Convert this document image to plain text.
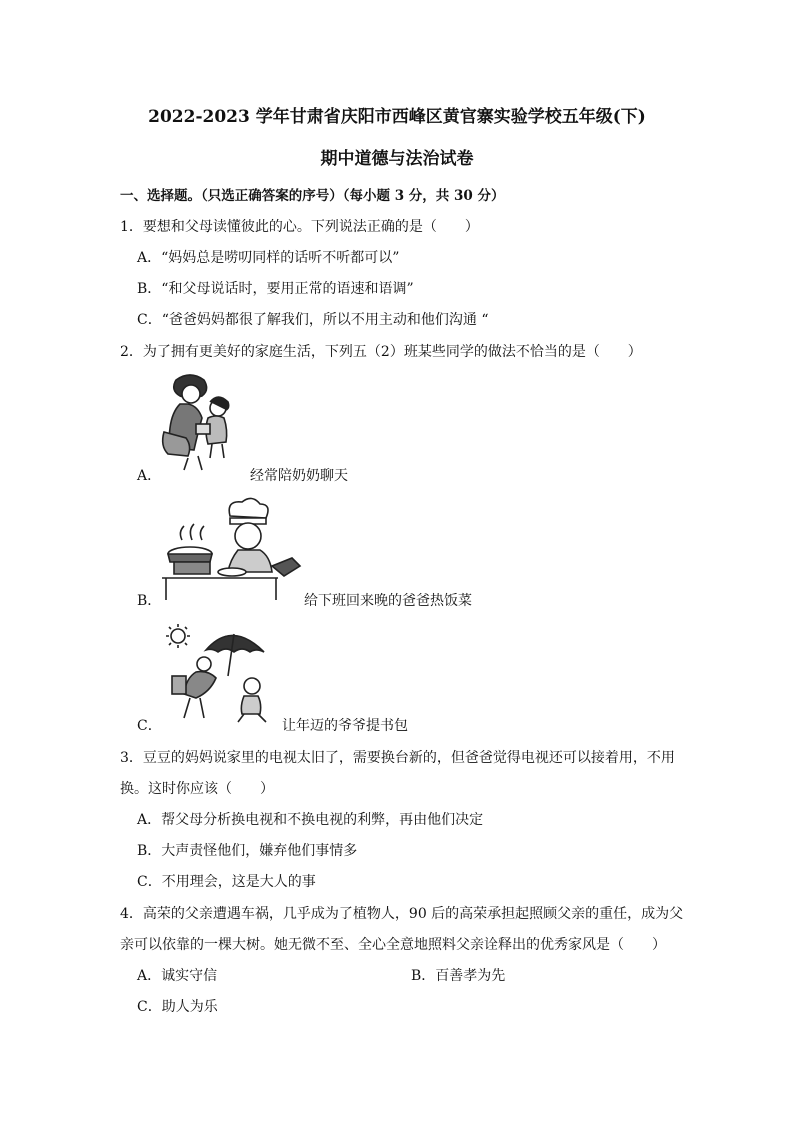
2022-2023 学年甘肃省庆阳市西峰区黄官寨实验学校五年级(下)
期中道德与法治试卷
一、选择题。（只选正确答案的序号）（每小题 3 分，共 30 分）
1．要想和父母读懂彼此的心。下列说法正确的是（　　）
A．“妈妈总是唠叨同样的话听不听都可以”
B．“和父母说话时，要用正常的语速和语调”
C．“爸爸妈妈都很了解我们，所以不用主动和他们沟通 “
2．为了拥有更美好的家庭生活，下列五（2）班某些同学的做法不恰当的是（　　）
A．	经常陪奶奶聊天
B．	给下班回来晚的爸爸热饭菜
C．	让年迈的爷爷提书包
3．豆豆的妈妈说家里的电视太旧了，需要换台新的，但爸爸觉得电视还可以接着用，不用
换。这时你应该（　　）
A．帮父母分析换电视和不换电视的利弊，再由他们决定
B．大声责怪他们，嫌弃他们事情多
C．不用理会，这是大人的事
4．高荣的父亲遭遇车祸，几乎成为了植物人，90 后的高荣承担起照顾父亲的重任，成为父
亲可以依靠的一棵大树。她无微不至、全心全意地照料父亲诠释出的优秀家风是（　　）
A．诚实守信	B．百善孝为先
C．助人为乐
